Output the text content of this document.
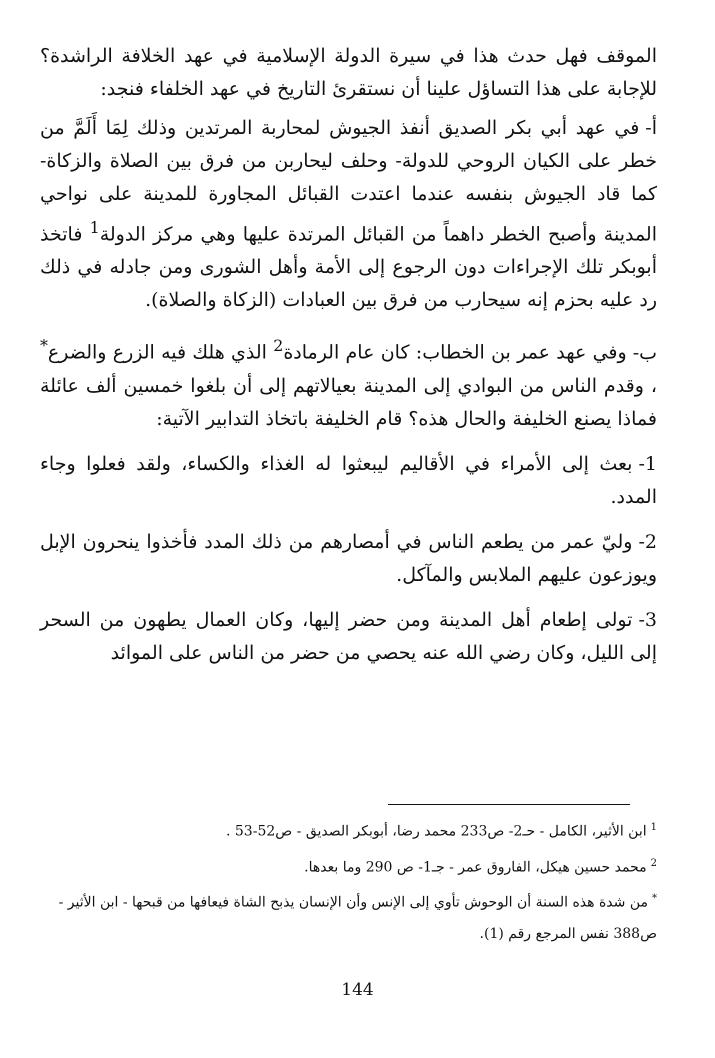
الموقف فهل حدث هذا في سيرة الدولة الإسلامية في عهد الخلافة الراشدة؟ للإجابة على هذا التساؤل علينا أن نستقرئ التاريخ في عهد الخلفاء فنجد:
أ-في عهد أبي بكر الصديق أنفذ الجيوش لمحاربة المرتدين وذلك لِمَا أَلَمَّ من خطر على الكيان الروحي للدولة- وحلف ليحاربن من فرق بين الصلاة والزكاة- كما قاد الجيوش بنفسه عندما اعتدت القبائل المجاورة للمدينة على نواحي المدينة وأصبح الخطر داهماً من القبائل المرتدة عليها وهي مركز الدولة$^1$ فاتخذ أبوبكر تلك الإجراءات دون الرجوع إلى الأمة وأهل الشورى ومن جادله في ذلك رد عليه بحزم إنه سيحارب من فرق بين العبادات (الزكاة والصلاة).
ب-وفي عهد عمر بن الخطاب: كان عام الرمادة$^2$ الذي هلك فيه الزرع والضرع* ، وقدم الناس من البوادي إلى المدينة بعيالاتهم إلى أن بلغوا خمسين ألف عائلة فماذا يصنع الخليفة والحال هذه؟ قام الخليفة باتخاذ التدابير الآتية:
1-بعث إلى الأمراء في الأقاليم ليبعثوا له الغذاء والكساء، ولقد فعلوا وجاء المدد.
2-وليّ عمر من يطعم الناس في أمصارهم من ذلك المدد فأخذوا ينحرون الإبل ويوزعون عليهم الملابس والمآكل.
3-تولى إطعام أهل المدينة ومن حضر إليها، وكان العمال يطهون من السحر إلى الليل، وكان رضي الله عنه يحصي من حضر من الناس على الموائد

$^1$ابن الأثير، الكامل - حـ2- ص233 محمد رضا، أبوبكر الصديق - ص52-53 .

$^2$محمد حسين هيكل، الفاروق عمر - جـ1- ص 290 وما بعدها.

*من شدة هذه السنة أن الوحوش تأوي إلى الإنس وأن الإنسان يذبح الشاة فيعافها من قبحها - ابن الأثير - ص388 نفس المرجع رقم (1).

144
